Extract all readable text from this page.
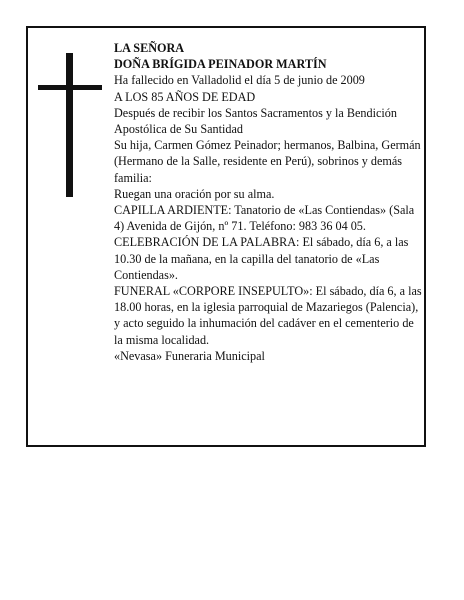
LA SEÑORA

DOÑA BRÍGIDA PEINADOR MARTÍN

Ha fallecido en Valladolid el día 5 de junio de 2009

A LOS 85 AÑOS DE EDAD

Después de recibir los Santos Sacramentos y la Bendición Apostólica de Su Santidad

Su hija, Carmen Gómez Peinador; hermanos, Balbina, Germán (Hermano de la Salle, residente en Perú), sobrinos y demás familia:

Ruegan una oración por su alma.

CAPILLA ARDIENTE: Tanatorio de «Las Contiendas» (Sala 4) Avenida de Gijón, nº 71. Teléfono: 983 36 04 05.

CELEBRACIÓN DE LA PALABRA: El sábado, día 6, a las 10.30 de la mañana, en la capilla del tanatorio de «Las Contiendas».

FUNERAL «CORPORE INSEPULTO»: El sábado, día 6, a las 18.00 horas, en la iglesia parroquial de Mazariegos (Palencia), y acto seguido la inhumación del cadáver en el cementerio de la misma localidad.

«Nevasa» Funeraria Municipal
